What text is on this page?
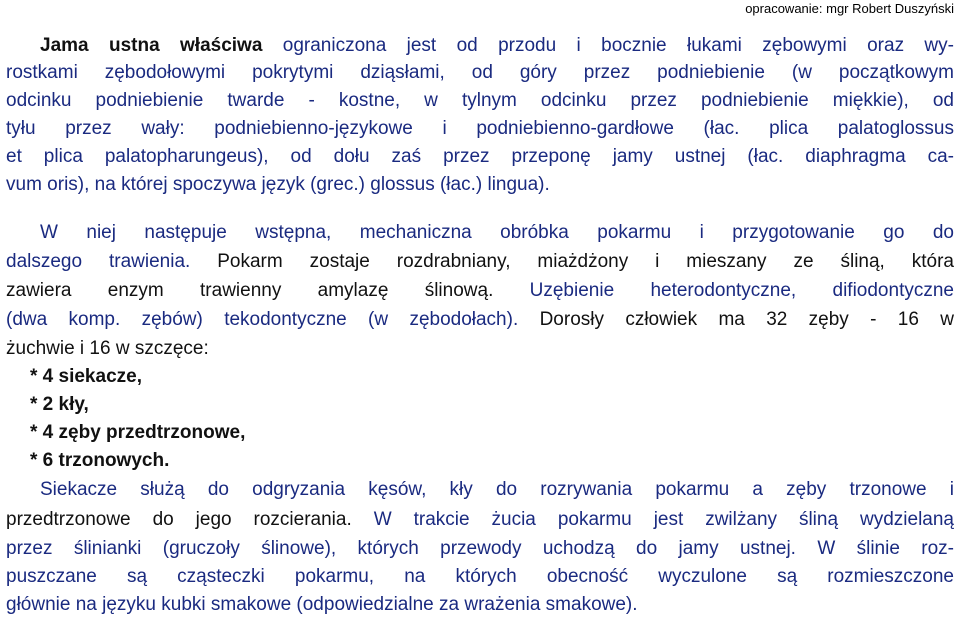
opracowanie: mgr Robert Duszyński
Jama ustna właściwa ograniczona jest od przodu i bocznie łukami zębowymi oraz wy-
rostkami zębodołowymi pokrytymi dziąsłami, od góry przez podniebienie (w początkowym
odcinku podniebienie twarde - kostne, w tylnym odcinku przez podniebienie miękkie), od
tyłu przez wały: podniebienno-językowe i podniebienno-gardłowe (łac. plica palatoglossus
et plica palatopharungeus), od dołu zaś przez przeponę jamy ustnej (łac. diaphragma ca-
vum oris), na której spoczywa język (grec.) glossus (łac.) lingua).
W niej następuje wstępna, mechaniczna obróbka pokarmu i przygotowanie go do
dalszego trawienia. Pokarm zostaje rozdrabniany, miażdżony i mieszany ze śliną, która
zawiera enzym trawienny amylazę ślinową. Uzębienie heterodontyczne, difiodontyczne
(dwa komp. zębów) tekodontyczne (w zębodołach). Dorosły człowiek ma 32 zęby - 16 w
żuchwie i 16 w szczęce:
* 4 siekacze,
* 2 kły,
* 4 zęby przedtrzonowe,
* 6 trzonowych.
Siekacze służą do odgryzania kęsów, kły do rozrywania pokarmu a zęby trzonowe i
przedtrzonowe do jego rozcierania. W trakcie żucia pokarmu jest zwilżany śliną wydzielaną
przez ślinianki (gruczoły ślinowe), których przewody uchodzą do jamy ustnej. W ślinie roz-
puszczane są cząsteczki pokarmu, na których obecność wyczulone są rozmieszczone
głównie na języku kubki smakowe (odpowiedzialne za wrażenia smakowe).
